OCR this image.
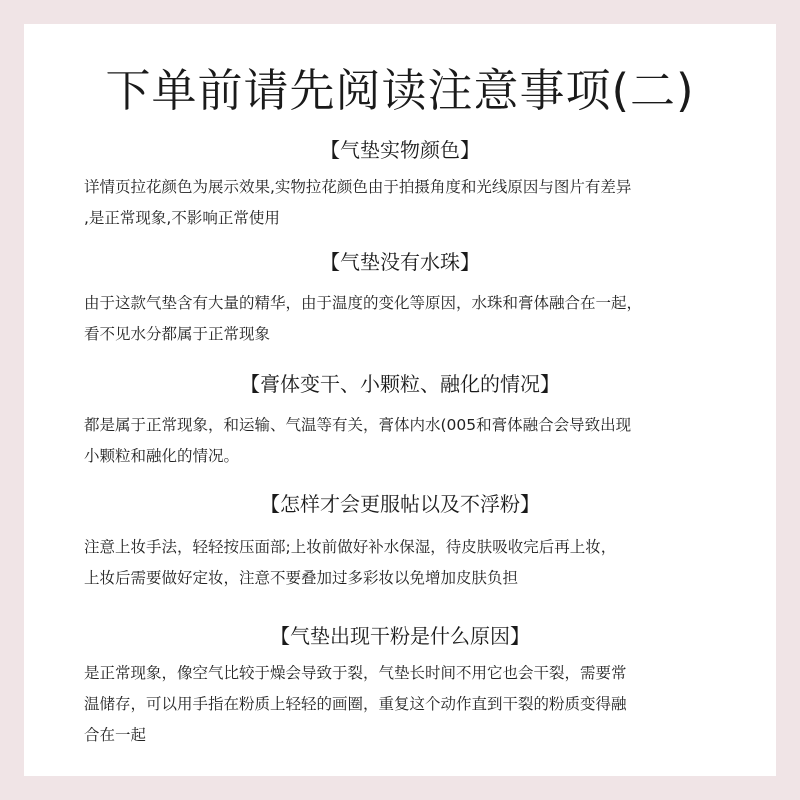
下单前请先阅读注意事项(二)
【气垫实物颜色】
详情页拉花颜色为展示效果,实物拉花颜色由于拍摄角度和光线原因与图片有差异
,是正常现象,不影响正常使用
【气垫没有水珠】
由于这款气垫含有大量的精华，由于温度的变化等原因，水珠和膏体融合在一起，
看不见水分都属于正常现象
【膏体变干、小颗粒、融化的情况】
都是属于正常现象，和运输、气温等有关，膏体内水(005和膏体融合会导致出现
小颗粒和融化的情况。
【怎样才会更服帖以及不浮粉】
注意上妆手法，轻轻按压面部;上妆前做好补水保湿，待皮肤吸收完后再上妆，
上妆后需要做好定妆，注意不要叠加过多彩妆以免增加皮肤负担
【气垫出现干粉是什么原因】
是正常现象，像空气比较于燥会导致于裂，气垫长时间不用它也会干裂，需要常
温储存，可以用手指在粉质上轻轻的画圈，重复这个动作直到干裂的粉质变得融
合在一起
